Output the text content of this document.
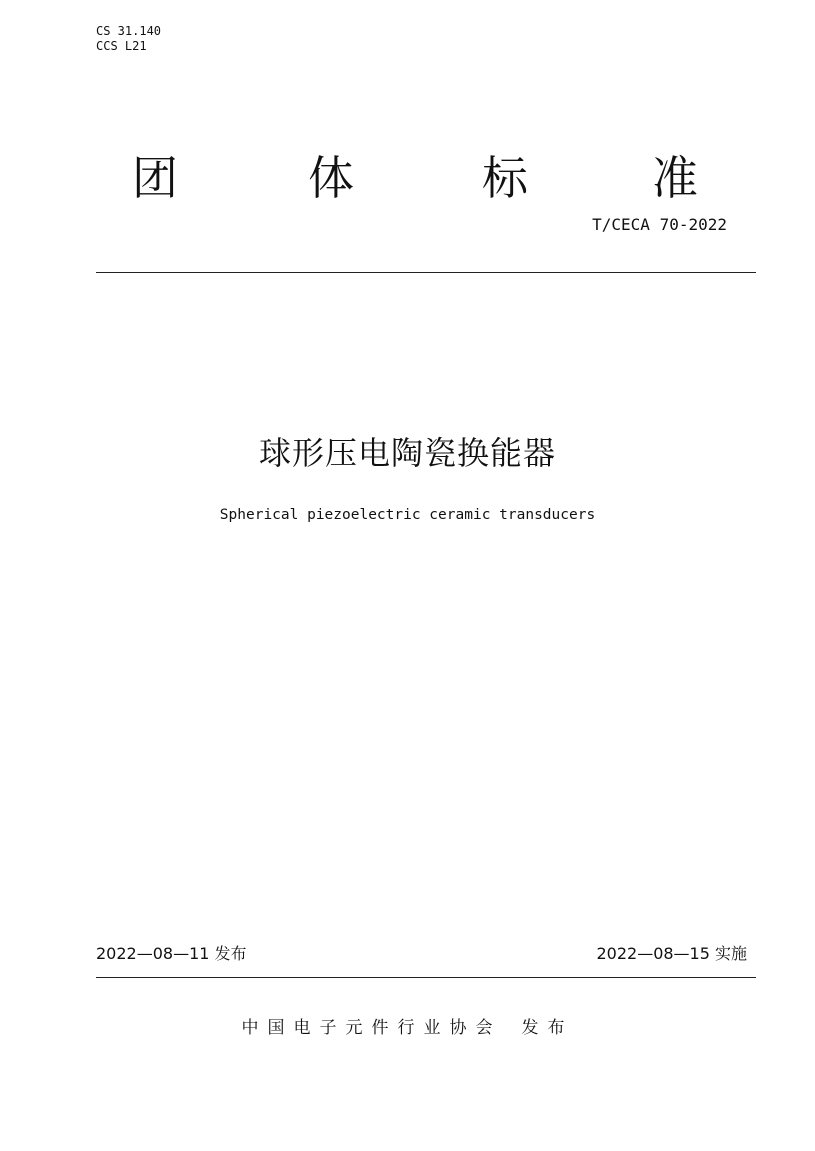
CS 31.140
CCS L21
团	体	标	准
T/CECA 70-2022
球形压电陶瓷换能器
Spherical piezoelectric ceramic transducers
2022—08—11 发布	2022—08—15 实施
中国电子元件行业协会 发布
